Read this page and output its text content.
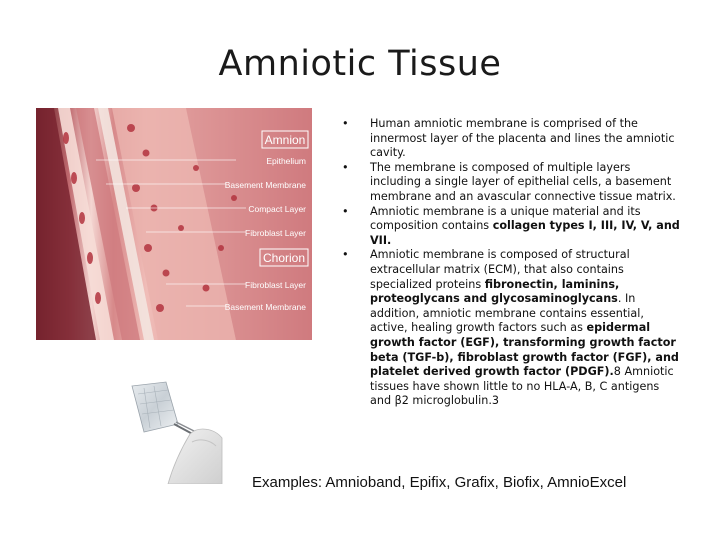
Amniotic Tissue
Amnion
Epithelium
Basement Membrane
Compact Layer
Fibroblast Layer
Chorion
Fibroblast Layer
Basement Membrane
• Human amniotic membrane is comprised of the innermost layer of the placenta and lines the amniotic cavity.
• The membrane is composed of multiple layers including a single layer of epithelial cells, a basement membrane and an avascular connective tissue matrix.
• Amniotic membrane is a unique material and its composition contains collagen types I, III, IV, V, and VII.
• Amniotic membrane is composed of structural extracellular matrix (ECM), that also contains specialized proteins fibronectin, laminins, proteoglycans and glycosaminoglycans. In addition, amniotic membrane contains essential, active, healing growth factors such as epidermal growth factor (EGF), transforming growth factor beta (TGF-b), fibroblast growth factor (FGF), and platelet derived growth factor (PDGF).8 Amniotic tissues have shown little to no HLA-A, B, C antigens and β2 microglobulin.3
Examples: Amnioband, Epifix, Grafix, Biofix, AmnioExcel
